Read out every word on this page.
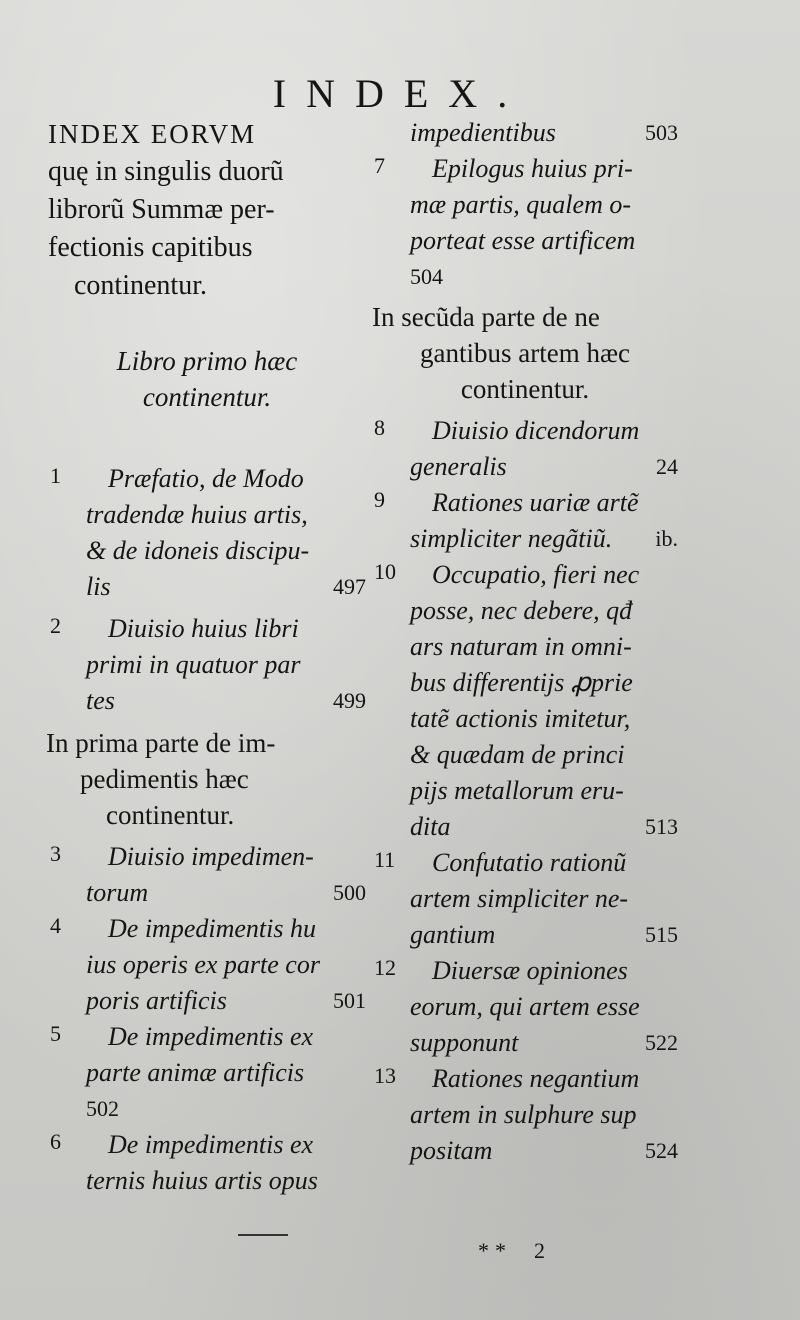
INDEX.
INDEX EORVM
quę in singulis duorũ
librorũ Summæ per-
fectionis capitibus
continentur.
Libro primo hæc
continentur.
1	Præfatio, de Modo
tradendæ huius artis,
& de idoneis discipu-
lis	497
2	Diuisio huius libri
primi in quatuor par
tes	499
In prima parte de im-
pedimentis hæc
continentur.
3	Diuisio impedimen-
torum	500
4	De impedimentis hu
ius operis ex parte cor
poris artificis	501
5	De impedimentis ex
parte animæ artificis
502
6	De impedimentis ex
ternis huius artis opus
impedientibus	503
7	Epilogus huius pri-
mæ partis, qualem o-
porteat esse artificem
504
In secũda parte de ne
gantibus artem hæc
continentur.
8	Diuisio dicendorum
generalis	24
9	Rationes uariæ artẽ
simpliciter negãtiũ.	ib.
10	Occupatio, fieri nec
posse, nec debere, qđ
ars naturam in omni-
bus differentijs ꝓprie
tatẽ actionis imitetur,
& quædam de princi
pijs metallorum eru-
dita	513
11	Confutatio rationũ
artem simpliciter ne-
gantium	515
12	Diuersæ opiniones
eorum, qui artem esse
supponunt	522
13	Rationes negantium
artem in sulphure sup
positam	524
** 2
